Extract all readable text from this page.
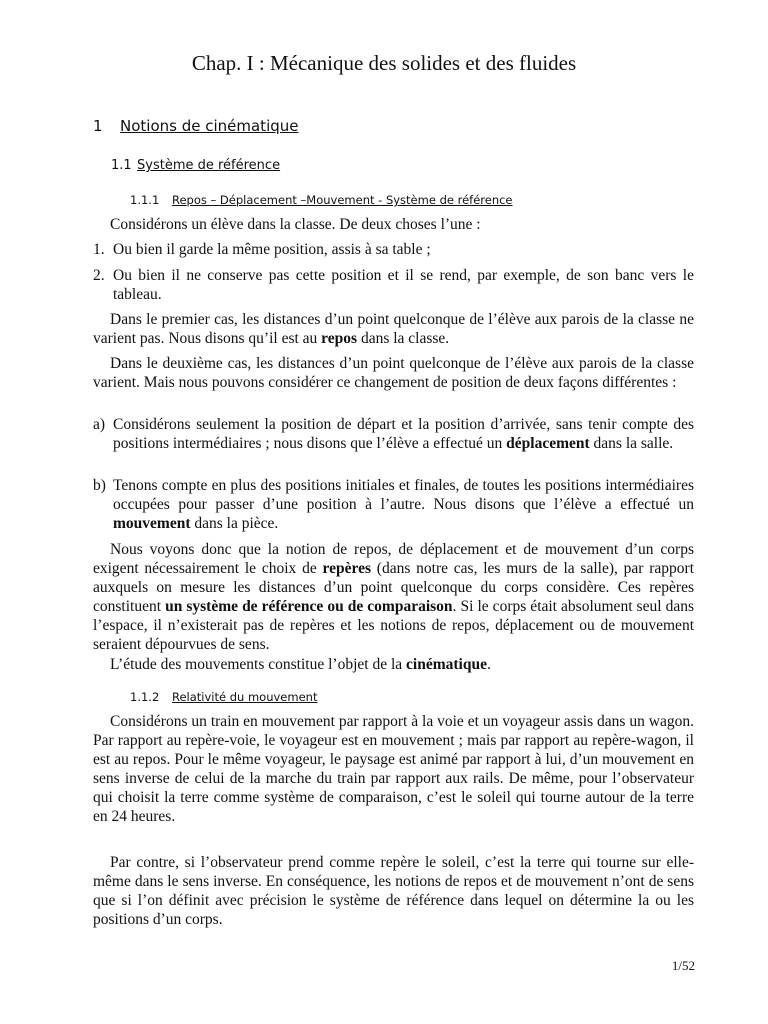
Chap. I : Mécanique des solides et des fluides
1 Notions de cinématique
1.1 Système de référence
1.1.1 Repos – Déplacement –Mouvement - Système de référence
Considérons un élève dans la classe. De deux choses l’une :
1. Ou bien il garde la même position, assis à sa table ;
2. Ou bien il ne conserve pas cette position et il se rend, par exemple, de son banc vers le tableau.
Dans le premier cas, les distances d’un point quelconque de l’élève aux parois de la classe ne varient pas. Nous disons qu’il est au repos dans la classe.
Dans le deuxième cas, les distances d’un point quelconque de l’élève aux parois de la classe varient. Mais nous pouvons considérer ce changement de position de deux façons différentes :
a) Considérons seulement la position de départ et la position d’arrivée, sans tenir compte des positions intermédiaires ; nous disons que l’élève a effectué un déplacement dans la salle.
b) Tenons compte en plus des positions initiales et finales, de toutes les positions intermédiaires occupées pour passer d’une position à l’autre. Nous disons que l’élève a effectué un mouvement dans la pièce.
Nous voyons donc que la notion de repos, de déplacement et de mouvement d’un corps exigent nécessairement le choix de repères (dans notre cas, les murs de la salle), par rapport auxquels on mesure les distances d’un point quelconque du corps considère. Ces repères constituent un système de référence ou de comparaison. Si le corps était absolument seul dans l’espace, il n’existerait pas de repères et les notions de repos, déplacement ou de mouvement seraient dépourvues de sens.
L’étude des mouvements constitue l’objet de la cinématique.
1.1.2 Relativité du mouvement
Considérons un train en mouvement par rapport à la voie et un voyageur assis dans un wagon. Par rapport au repère-voie, le voyageur est en mouvement ; mais par rapport au repère-wagon, il est au repos. Pour le même voyageur, le paysage est animé par rapport à lui, d’un mouvement en sens inverse de celui de la marche du train par rapport aux rails. De même, pour l’observateur qui choisit la terre comme système de comparaison, c’est le soleil qui tourne autour de la terre en 24 heures.
Par contre, si l’observateur prend comme repère le soleil, c’est la terre qui tourne sur elle-même dans le sens inverse. En conséquence, les notions de repos et de mouvement n’ont de sens que si l’on définit avec précision le système de référence dans lequel on détermine la ou les positions d’un corps.
1/52
